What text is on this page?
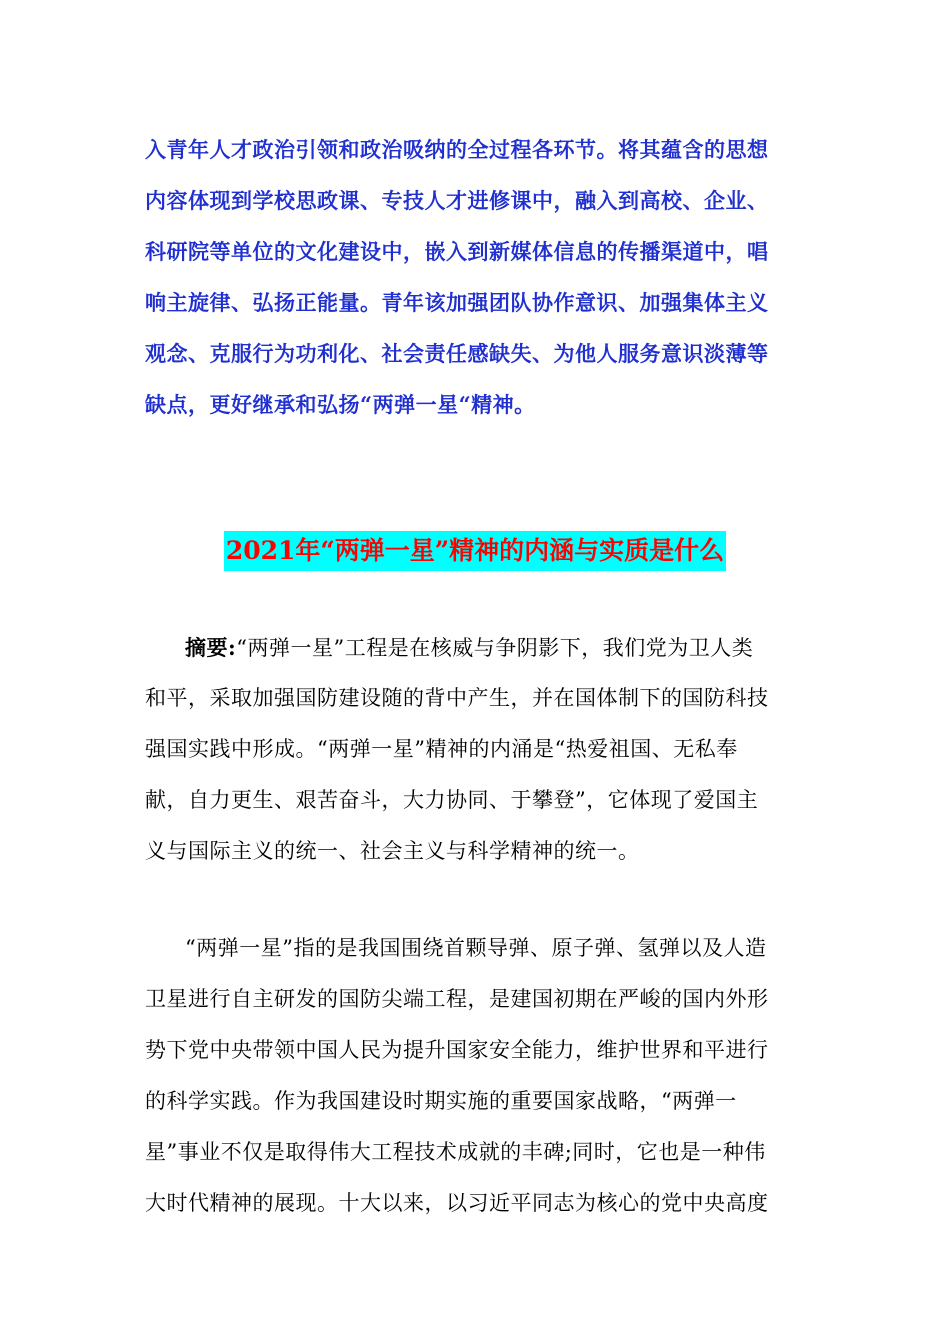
入青年人才政治引领和政治吸纳的全过程各环节。将其蕴含的思想
内容体现到学校思政课、专技人才进修课中，融入到高校、企业、
科研院等单位的文化建设中，嵌入到新媒体信息的传播渠道中，唱
响主旋律、弘扬正能量。青年该加强团队协作意识、加强集体主义
观念、克服行为功利化、社会责任感缺失、为他人服务意识淡薄等
缺点，更好继承和弘扬“两弹一星“精神。
2021年“两弹一星”精神的内涵与实质是什么
摘要:“两弹一星”工程是在核威与争阴影下，我们党为卫人类
和平，采取加强国防建设随的背中产生，并在国体制下的国防科技
强国实践中形成。“两弹一星”精神的内涌是“热爱祖国、无私奉
献，自力更生、艰苦奋斗，大力协同、于攀登”，它体现了爱国主
义与国际主义的统一、社会主义与科学精神的统一。
“两弹一星”指的是我国围绕首颗导弹、原子弹、氢弹以及人造
卫星进行自主研发的国防尖端工程，是建国初期在严峻的国内外形
势下党中央带领中国人民为提升国家安全能力，维护世界和平进行
的科学实践。作为我国建设时期实施的重要国家战略，“两弹一
星”事业不仅是取得伟大工程技术成就的丰碑;同时，它也是一种伟
大时代精神的展现。十大以来，以习近平同志为核心的党中央高度
